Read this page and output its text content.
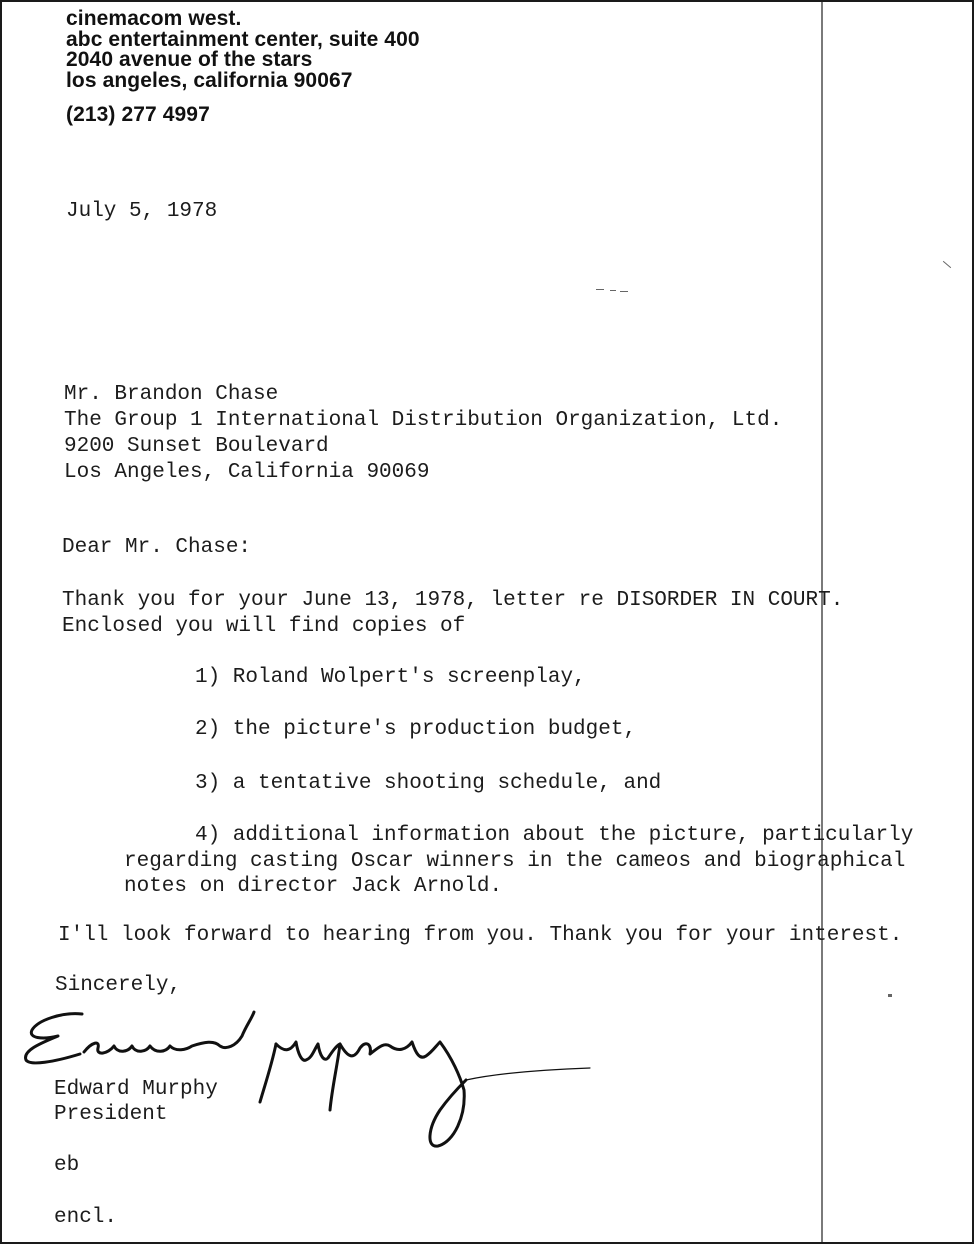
cinemacom west.
abc entertainment center, suite 400
2040 avenue of the stars
los angeles, california 90067
(213) 277 4997
July 5, 1978
Mr. Brandon Chase
The Group 1 International Distribution Organization, Ltd.
9200 Sunset Boulevard
Los Angeles, California 90069
Dear Mr. Chase:
Thank you for your June 13, 1978, letter re DISORDER IN COURT.
Enclosed you will find copies of
1) Roland Wolpert's screenplay,
2) the picture's production budget,
3) a tentative shooting schedule, and
4) additional information about the picture, particularly
regarding casting Oscar winners in the cameos and biographical
notes on director Jack Arnold.
I'll look forward to hearing from you. Thank you for your interest.
Sincerely,
Edward Murphy
President
eb
encl.
